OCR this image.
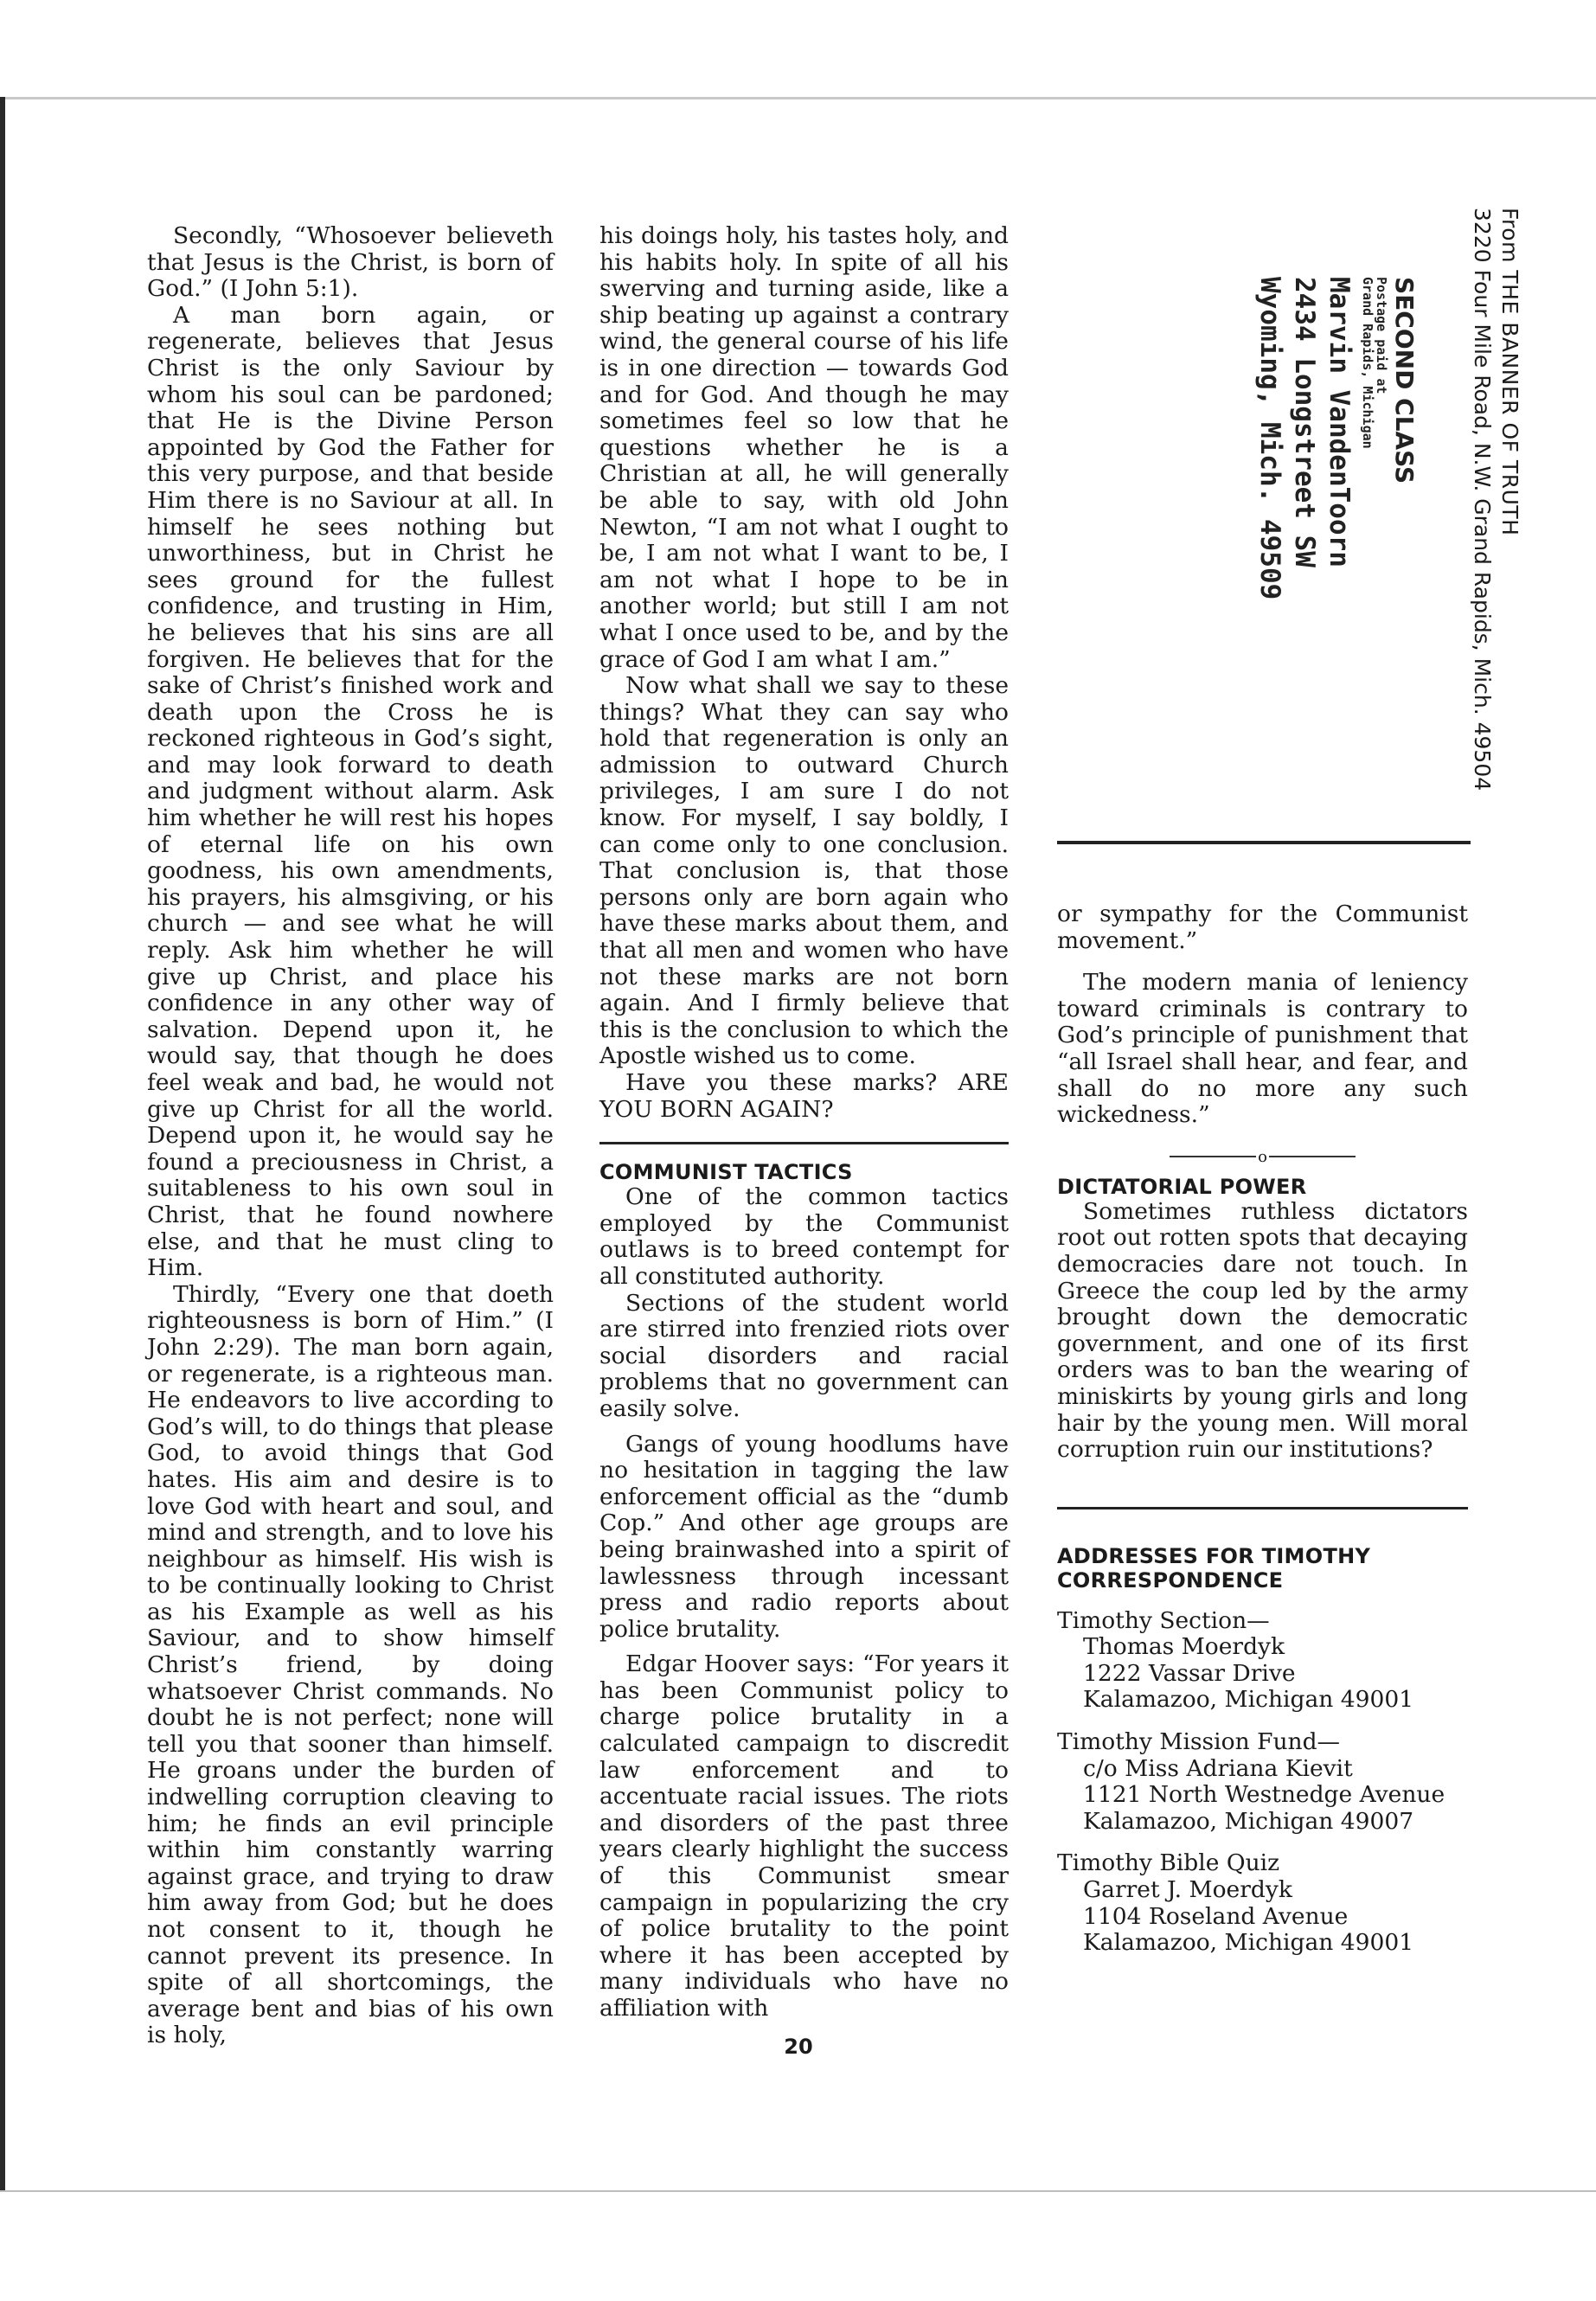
Secondly, “Whosoever believeth that Jesus is the Christ, is born of God.” (I John 5:1).

A man born again, or regenerate, believes that Jesus Christ is the only Saviour by whom his soul can be pardoned; that He is the Divine Person appointed by God the Father for this very purpose, and that beside Him there is no Saviour at all. In himself he sees nothing but unworthiness, but in Christ he sees ground for the fullest confidence, and trusting in Him, he believes that his sins are all forgiven. He believes that for the sake of Christ’s finished work and death upon the Cross he is reckoned righteous in God’s sight, and may look forward to death and judgment without alarm. Ask him whether he will rest his hopes of eternal life on his own goodness, his own amendments, his prayers, his almsgiving, or his church — and see what he will reply. Ask him whether he will give up Christ, and place his confidence in any other way of salvation. Depend upon it, he would say, that though he does feel weak and bad, he would not give up Christ for all the world. Depend upon it, he would say he found a preciousness in Christ, a suitableness to his own soul in Christ, that he found nowhere else, and that he must cling to Him.

Thirdly, “Every one that doeth righteousness is born of Him.” (I John 2:29). The man born again, or regenerate, is a righteous man. He endeavors to live according to God’s will, to do things that please God, to avoid things that God hates. His aim and desire is to love God with heart and soul, and mind and strength, and to love his neighbour as himself. His wish is to be continually looking to Christ as his Example as well as his Saviour, and to show himself Christ’s friend, by doing whatsoever Christ commands. No doubt he is not perfect; none will tell you that sooner than himself. He groans under the burden of indwelling corruption cleaving to him; he finds an evil principle within him constantly warring against grace, and trying to draw him away from God; but he does not consent to it, though he cannot prevent its presence. In spite of all shortcomings, the average bent and bias of his own is holy,

his doings holy, his tastes holy, and his habits holy. In spite of all his swerving and turning aside, like a ship beating up against a contrary wind, the general course of his life is in one direction — towards God and for God. And though he may sometimes feel so low that he questions whether he is a Christian at all, he will generally be able to say, with old John Newton, “I am not what I ought to be, I am not what I want to be, I am not what I hope to be in another world; but still I am not what I once used to be, and by the grace of God I am what I am.”

Now what shall we say to these things? What they can say who hold that regeneration is only an admission to outward Church privileges, I am sure I do not know. For myself, I say boldly, I can come only to one conclusion. That conclusion is, that those persons only are born again who have these marks about them, and that all men and women who have not these marks are not born again. And I firmly believe that this is the conclusion to which the Apostle wished us to come.

Have you these marks? ARE YOU BORN AGAIN?

COMMUNIST TACTICS

One of the common tactics employed by the Communist outlaws is to breed contempt for all constituted authority.

Sections of the student world are stirred into frenzied riots over social disorders and racial problems that no government can easily solve.

Gangs of young hoodlums have no hesitation in tagging the law enforcement official as the “dumb Cop.” And other age groups are being brainwashed into a spirit of lawlessness through incessant press and radio reports about police brutality.

Edgar Hoover says: “For years it has been Communist policy to charge police brutality in a calculated campaign to discredit law enforcement and to accentuate racial issues. The riots and disorders of the past three years clearly highlight the success of this Communist smear campaign in popularizing the cry of police brutality to the point where it has been accepted by many individuals who have no affiliation with

From THE BANNER OF TRUTH
3220 Four Mile Road, N.W. Grand Rapids, Mich. 49504
SECOND CLASS
Postage paid at
Grand Rapids, Michigan
Marvin VandenToorn
2434 Longstreet SW
Wyoming, Mich. 49509

or sympathy for the Communist movement.”

The modern mania of leniency toward criminals is contrary to God’s principle of punishment that “all Israel shall hear, and fear, and shall do no more any such wickedness.”

o
DICTATORIAL POWER

Sometimes ruthless dictators root out rotten spots that decaying democracies dare not touch. In Greece the coup led by the army brought down the democratic government, and one of its first orders was to ban the wearing of miniskirts by young girls and long hair by the young men. Will moral corruption ruin our institutions?

ADDRESSES FOR TIMOTHY
CORRESPONDENCE

Timothy Section—
Thomas Moerdyk
1222 Vassar Drive
Kalamazoo, Michigan 49001

Timothy Mission Fund—
c/o Miss Adriana Kievit
1121 North Westnedge Avenue
Kalamazoo, Michigan 49007

Timothy Bible Quiz
Garret J. Moerdyk
1104 Roseland Avenue
Kalamazoo, Michigan 49001

20
